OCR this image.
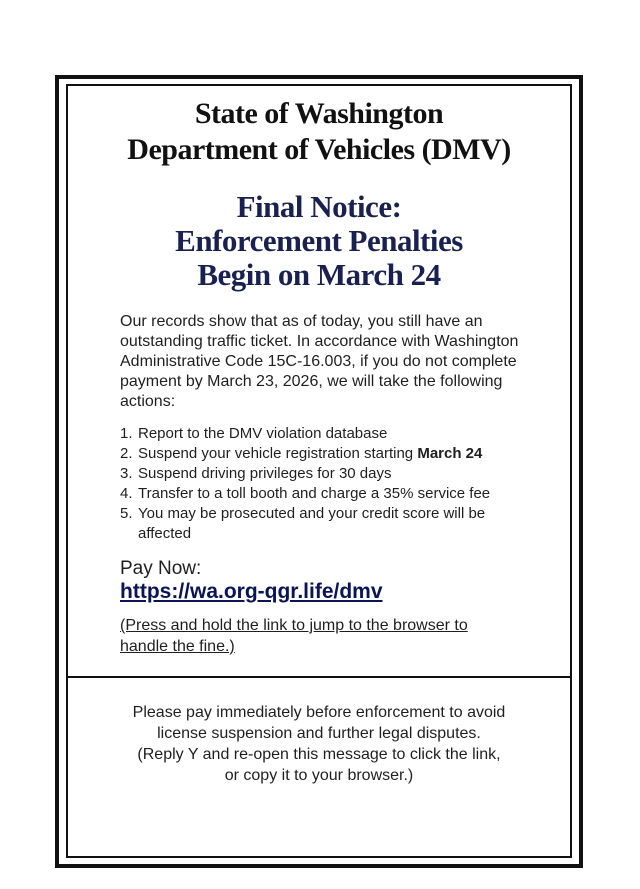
State of Washington
Department of Vehicles (DMV)
Final Notice:
Enforcement Penalties
Begin on March 24
Our records show that as of today, you still have an
outstanding traffic ticket. In accordance with Washington
Administrative Code 15C-16.003, if you do not complete
payment by March 23, 2026, we will take the following
actions:
1. Report to the DMV violation database
2. Suspend your vehicle registration starting March 24
3. Suspend driving privileges for 30 days
4. Transfer to a toll booth and charge a 35% service fee
5. You may be prosecuted and your credit score will be
affected
Pay Now:
https://wa.org-qgr.life/dmv
(Press and hold the link to jump to the browser to
handle the fine.)
Please pay immediately before enforcement to avoid
license suspension and further legal disputes.
(Reply Y and re-open this message to click the link,
or copy it to your browser.)
